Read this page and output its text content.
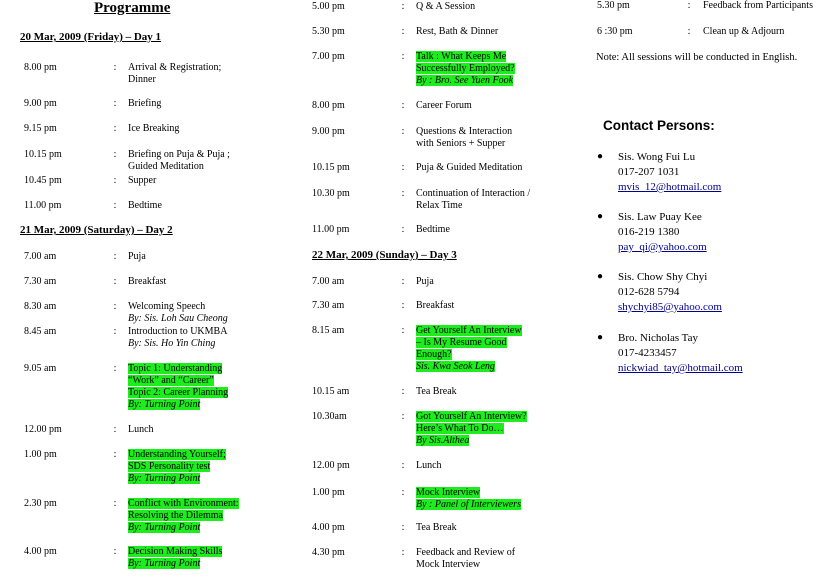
Programme
20 Mar, 2009 (Friday) – Day 1
8.00 pm	: Arrival & Registration;
Dinner
9.00 pm	: Briefing
9.15 pm	: Ice Breaking
10.15 pm	: Briefing on Puja & Puja ;
Guided Meditation
10.45 pm	: Supper
11.00 pm	: Bedtime
21 Mar, 2009 (Saturday) – Day 2
7.00 am	: Puja
7.30 am	: Breakfast
8.30 am	: Welcoming Speech
By: Sis. Loh Sau Cheong
8.45 am	: Introduction to UKMBA
By: Sis. Ho Yin Ching
9.05 am	: Topic 1: Understanding
“Work” and “Career”
Topic 2: Career Planning
By: Turning Point
12.00 pm	: Lunch
1.00 pm	: Understanding Yourself;
SDS Personality test
By: Turning Point
2.30 pm	: Conflict with Environment:
Resolving the Dilemma
By: Turning Point
4.00 pm	: Decision Making Skills
By: Turning Point
5.00 pm	: Q & A Session
5.30 pm	: Rest, Bath & Dinner
7.00 pm	: Talk : What Keeps Me
Successfully Employed?
By : Bro. See Yuen Fook
8.00 pm	: Career Forum
9.00 pm	: Questions & Interaction
with Seniors + Supper
10.15 pm	: Puja & Guided Meditation
10.30 pm	: Continuation of Interaction /
Relax Time
11.00 pm	: Bedtime
22 Mar, 2009 (Sunday) – Day 3
7.00 am	: Puja
7.30 am	: Breakfast
8.15 am	: Get Yourself An Interview
– Is My Resume Good
Enough?
Sis. Kwa Seok Leng
10.15 am	: Tea Break
10.30am	: Got Yourself An Interview?
Here’s What To Do…
By Sis.Althea
12.00 pm	: Lunch
1.00 pm	: Mock Interview
By : Panel of Interviewers
4.00 pm	: Tea Break
4.30 pm	: Feedback and Review of
Mock Interview
5.30 pm	: Feedback from Participants
6 :30 pm	: Clean up & Adjourn
Note: All sessions will be conducted in English.
Contact Persons:
● Sis. Wong Fui Lu
017-207 1031
mvis_12@hotmail.com
● Sis. Law Puay Kee
016-219 1380
pay_qi@yahoo.com
● Sis. Chow Shy Chyi
012-628 5794
shychyi85@yahoo.com
● Bro. Nicholas Tay
017-4233457
nickwiad_tay@hotmail.com
